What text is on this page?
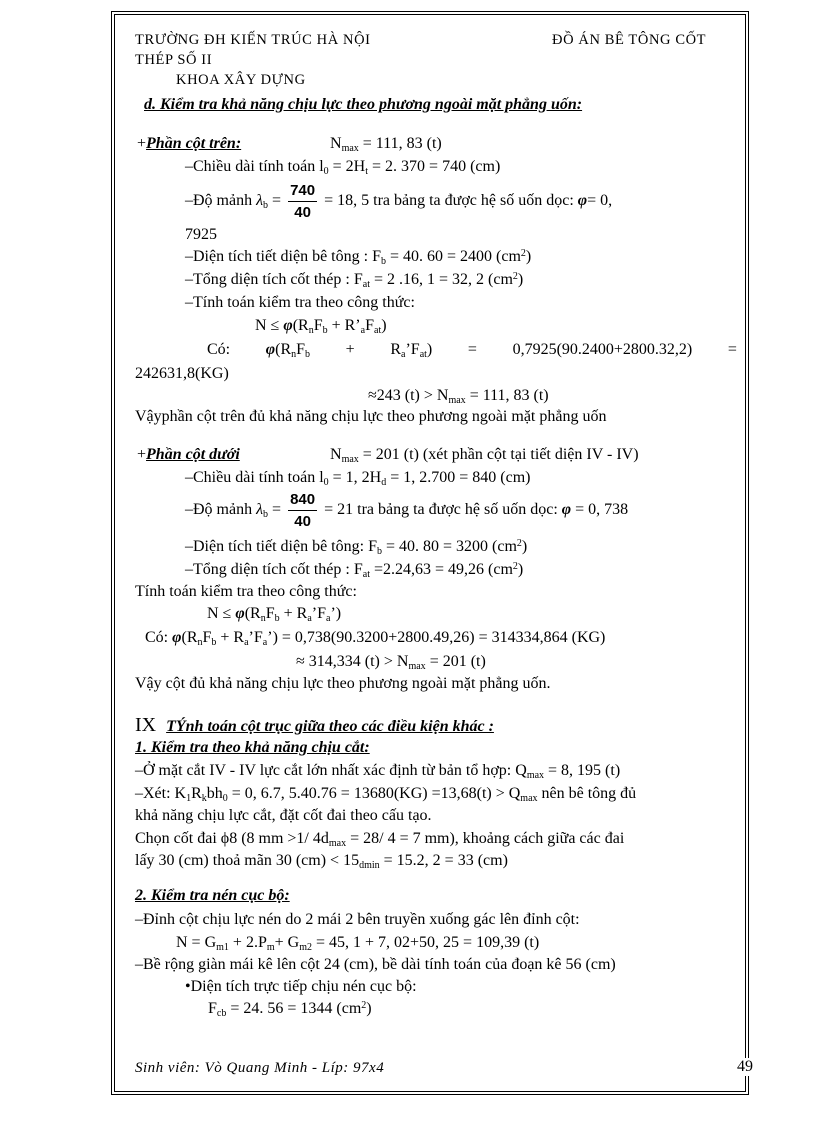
TRƯỜNG ĐH KIẾN TRÚC HÀ NỘI	ĐỒ ÁN BÊ TÔNG CỐT
THÉP SỐ II
KHOA XÂY DỰNG
d. Kiểm tra khả năng chịu lực theo phương ngoài mặt phẳng uốn:
+Phần cột trên:	$N_{max} = 111$, 83 (t)
–Chiều dài tính toán $l_0 = 2H_t = 2$. 370 = 740 (cm)
–Độ mảnh $\lambda_b = \frac{740}{40} = 18$, 5 tra bảng ta được hệ số uốn dọc: φ= 0,
7925
–Diện tích tiết diện bê tông : $F_b = 40$. 60 = 2400 $(cm^2)$
–Tổng diện tích cốt thép : $F_{at} = 2$ .16, 1 = 32, 2 $(cm^2)$
–Tính toán kiểm tra theo công thức:
$N \le \varphi(R_nF_b$ + $R’_aF_{at}$)
Có: $\varphi(R_nF_b$ + $R_a’F_{at}) = 0,7925(90.2400+2800.32,2)$ =
242631,8(KG)
≈243 $(t) > N_{max} = 111$, 83 (t)
Vậyphần cột trên đủ khả năng chịu lực theo phương ngoài mặt phẳng uốn
+Phần cột dưới	$N_{max} = 201$ (t) (xét phần cột tại tiết diện IV - IV)
–Chiều dài tính toán $l_0 = 1$, $2H_d = 1$, 2.700 = 840 (cm)
–Độ mảnh $\lambda_b = \frac{840}{40} = 21$ tra bảng ta được hệ số uốn dọc: φ = 0, 738
–Diện tích tiết diện bê tông: $F_b = 40$. 80 = 3200 $(cm^2)$
–Tổng diện tích cốt thép : $F_{at} =2.24,63 = 49,26$ $(cm^2)$
Tính toán kiểm tra theo công thức:
$N \le \varphi(R_nF_b$ + $R_a’F_a$’)
Có: $\varphi(R_nF_b$ + $R_a’F_a’) = 0,738(90.3200+2800.49,26) = 314334,864$ (KG)
≈ 314,334 $(t) > N_{max} = 201$ (t)
Vậy cột đủ khả năng chịu lực theo phương ngoài mặt phẳng uốn.
IX TÝnh toán cột trục giữa theo các điều kiện khác :
1. Kiểm tra theo khả năng chịu cắt:
–Ở mặt cắt IV - IV lực cắt lớn nhất xác định từ bản tổ hợp: $Q_{max} = 8$, 195 (t)
–Xét: $K_1R_kbh_0 = 0$, 6.7, $5.40.76 = 13680(KG) =13,68(t) > Q_{max}$ nên bê tông đủ
khả năng chịu lực cắt, đặt cốt đai theo cấu tạo.
Chọn cốt đai ϕ8 (8 mm >1/ $4d_{max} = 28/$ 4 = 7 mm), khoảng cách giữa các đai
lấy 30 (cm) thoả mãn 30 $(cm) < 15_{dmin} = 15.2$, 2 = 33 (cm)
2. Kiểm tra nén cục bộ:
–Đỉnh cột chịu lực nén do 2 mái 2 bên truyền xuống gác lên đỉnh cột:
$N = G_{m1} + 2.P_m+ G_{m2} = 45$, 1 + 7, 02+50, 25 = 109,39 (t)
–Bề rộng giàn mái kê lên cột 24 (cm), bề dài tính toán của đoạn kê 56 (cm)
•Diện tích trực tiếp chịu nén cục bộ:
$F_{cb} = 24$. 56 = 1344 $(cm^2)$
Sinh viên: Vò Quang Minh - Líp: 97x4	49
